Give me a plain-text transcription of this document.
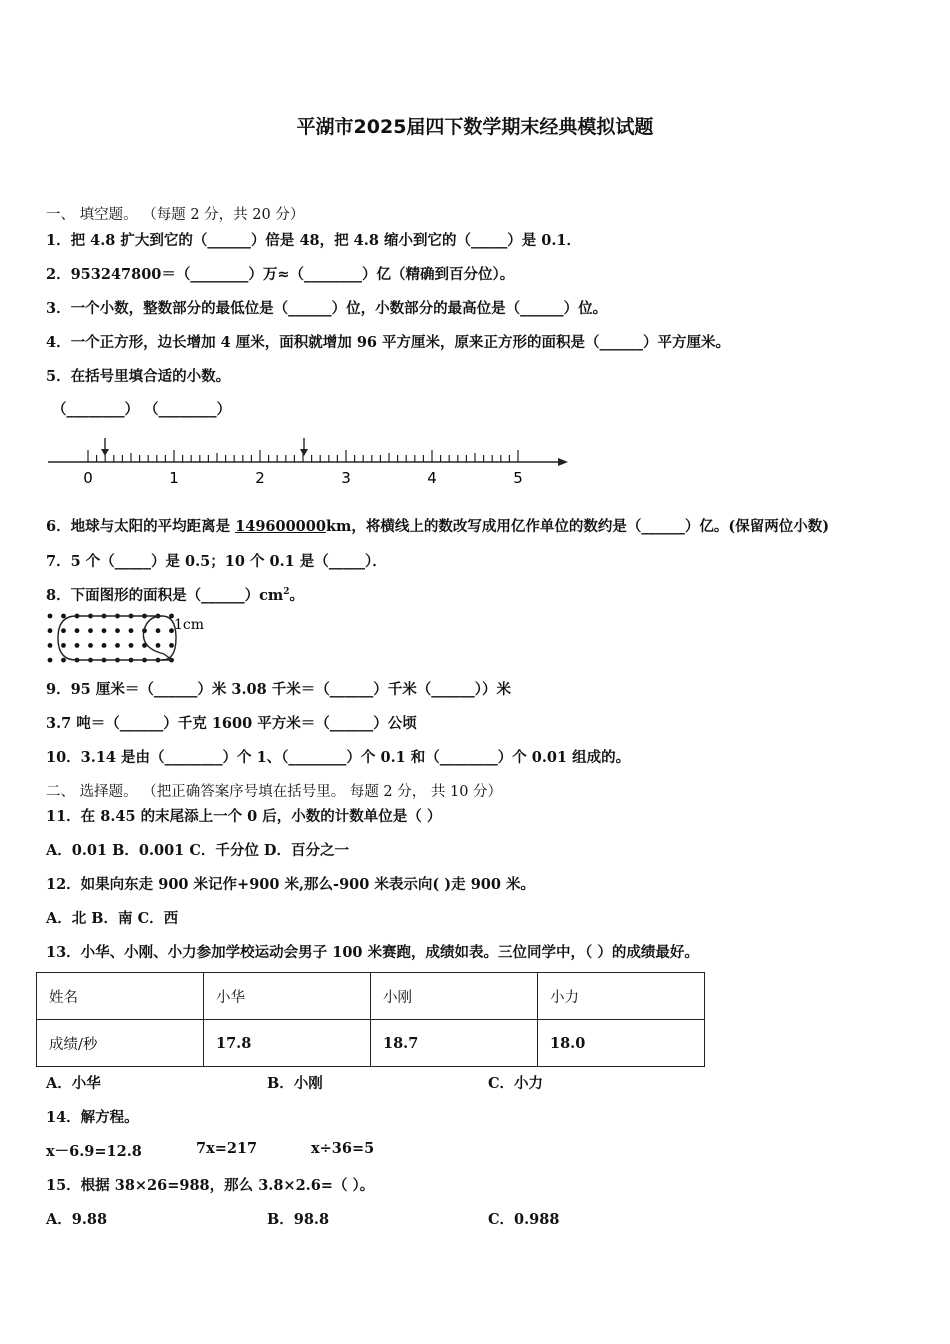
平湖市2025届四下数学期末经典模拟试题
一、 填空题。 （每题 2 分，共 20 分）
1．把 4.8 扩大到它的（______）倍是 48，把 4.8 缩小到它的（_____）是 0.1．
2．953247800＝（________）万≈（________）亿（精确到百分位）。
3．一个小数，整数部分的最低位是（______）位，小数部分的最高位是（______）位。
4．一个正方形，边长增加 4 厘米，面积就增加 96 平方厘米，原来正方形的面积是（______）平方厘米。
5．在括号里填合适的小数。
（________） （________）
0	1	2	3	4	5
6．地球与太阳的平均距离是 149600000km，将横线上的数改写成用亿作单位的数约是（______）亿。(保留两位小数)
7．5 个（_____）是 0.5；10 个 0.1 是（_____）．
8．下面图形的面积是$(\_\_\_\_\_\_)cm^2$。
1cm
9．95 厘米＝（______）米 3.08 千米＝（______）千米（______））米
3.7 吨＝（______）千克 1600 平方米＝（______）公顷
10．3.14 是由（________）个 1、（________）个 0.1 和（________）个 0.01 组成的。
二、 选择题。 （把正确答案序号填在括号里。 每题 2 分， 共 10 分）
11．在 8.45 的末尾添上一个 0 后，小数的计数单位是（ ）
A．0.01 B．0.001 C．千分位 D．百分之一
12．如果向东走 900 米记作+900 米,那么-900 米表示向( )走 900 米。
A．北 B．南 C．西
13．小华、小刚、小力参加学校运动会男子 100 米赛跑，成绩如表。三位同学中，（ ）的成绩最好。
姓名	小华	小刚	小力
成绩/秒	17.8	18.7	18.0
A．小华	B．小刚	C．小力
14．解方程。
x－6.9=12.8	7x=217	x÷36=5
15．根据 38×26=988，那么 3.8×2.6=（ ）。
A．9.88	B．98.8	C．0.988
